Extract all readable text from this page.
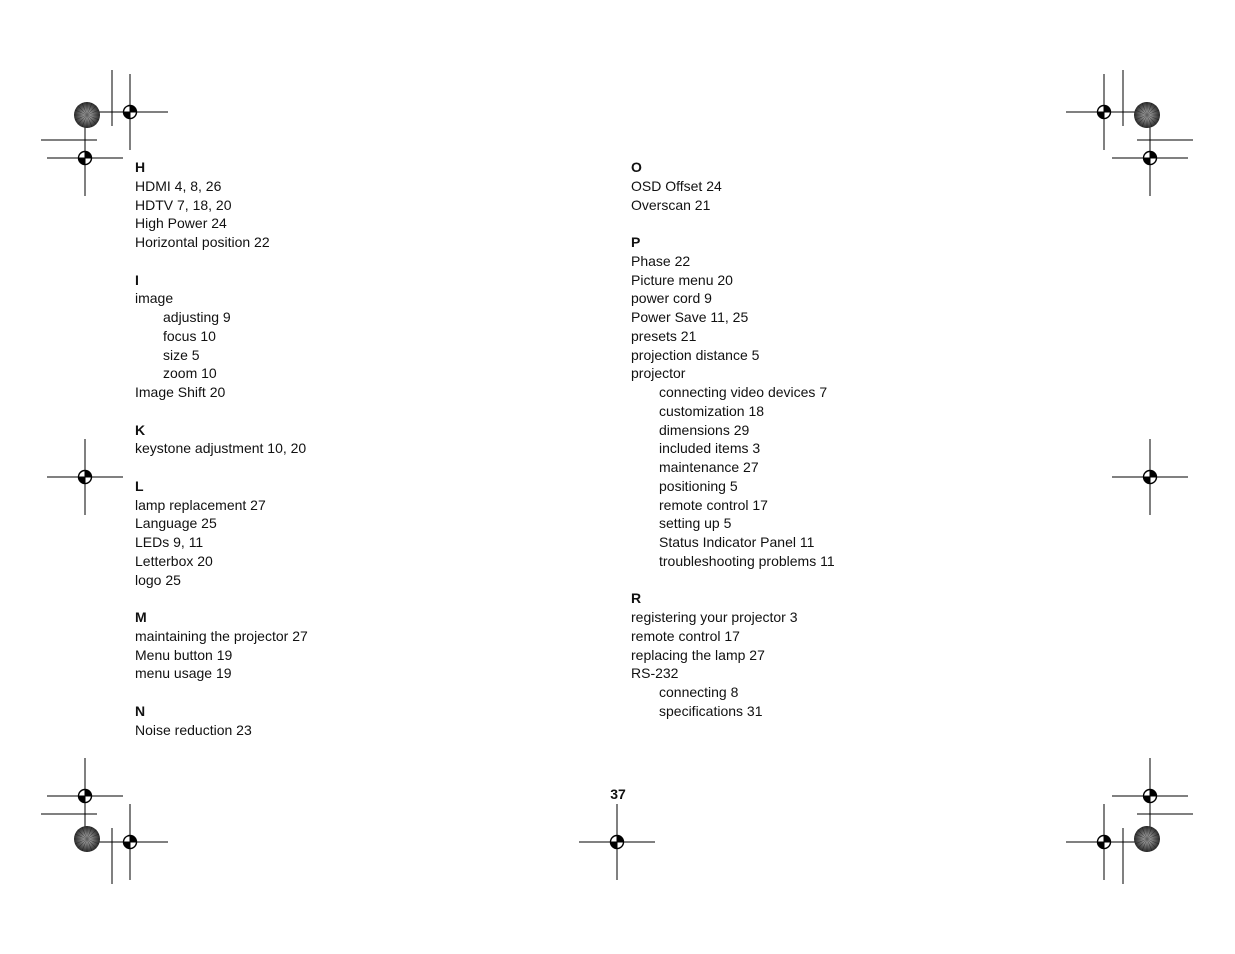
H
HDMI 4, 8, 26
HDTV 7, 18, 20
High Power 24
Horizontal position 22
I
image
adjusting 9
focus 10
size 5
zoom 10
Image Shift 20
K
keystone adjustment 10, 20
L
lamp replacement 27
Language 25
LEDs 9, 11
Letterbox 20
logo 25
M
maintaining the projector 27
Menu button 19
menu usage 19
N
Noise reduction 23
O
OSD Offset 24
Overscan 21
P
Phase 22
Picture menu 20
power cord 9
Power Save 11, 25
presets 21
projection distance 5
projector
connecting video devices 7
customization 18
dimensions 29
included items 3
maintenance 27
positioning 5
remote control 17
setting up 5
Status Indicator Panel 11
troubleshooting problems 11
R
registering your projector 3
remote control 17
replacing the lamp 27
RS-232
connecting 8
specifications 31
37
